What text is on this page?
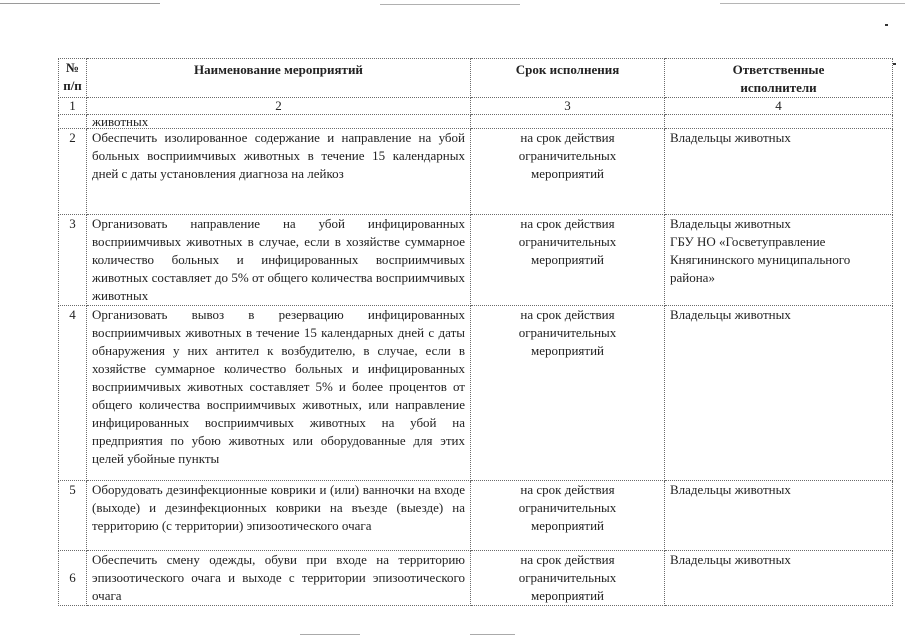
№
п/п	Наименование мероприятий	Срок исполнения	Ответственные исполнители
1	2	3	4
	животных		
2	Обеспечить изолированное содержание и направление на убой больных восприимчивых животных в течение 15 календарных дней с даты установления диагноза на лейкоз	на срок действия ограничительных мероприятий	Владельцы животных
3	Организовать направление на убой инфицированных восприимчивых животных в случае, если в хозяйстве суммарное количество больных и инфицированных восприимчивых животных составляет до 5% от общего количества восприимчивых животных	на срок действия ограничительных мероприятий	Владельцы животных
ГБУ НО «Госветуправление Княгининского муниципального района»

4	Организовать вывоз в резервацию инфицированных восприимчивых животных в течение 15 календарных дней с даты обнаружения у них антител к возбудителю, в случае, если в хозяйстве суммарное количество больных и инфицированных восприимчивых животных составляет 5% и более процентов от общего количества восприимчивых животных, или направление инфицированных восприимчивых животных на убой на предприятия по убою животных или оборудованные для этих целей убойные пункты	на срок действия ограничительных мероприятий	Владельцы животных
5	Оборудовать дезинфекционные коврики и (или) ванночки на входе (выходе) и дезинфекционных коврики на въезде (выезде) на территорию (с территории) эпизоотического очага	на срок действия ограничительных мероприятий	Владельцы животных
6	Обеспечить смену одежды, обуви при входе на территорию эпизоотического очага и выходе с территории эпизоотического очага	на срок действия ограничительных мероприятий	Владельцы животных
